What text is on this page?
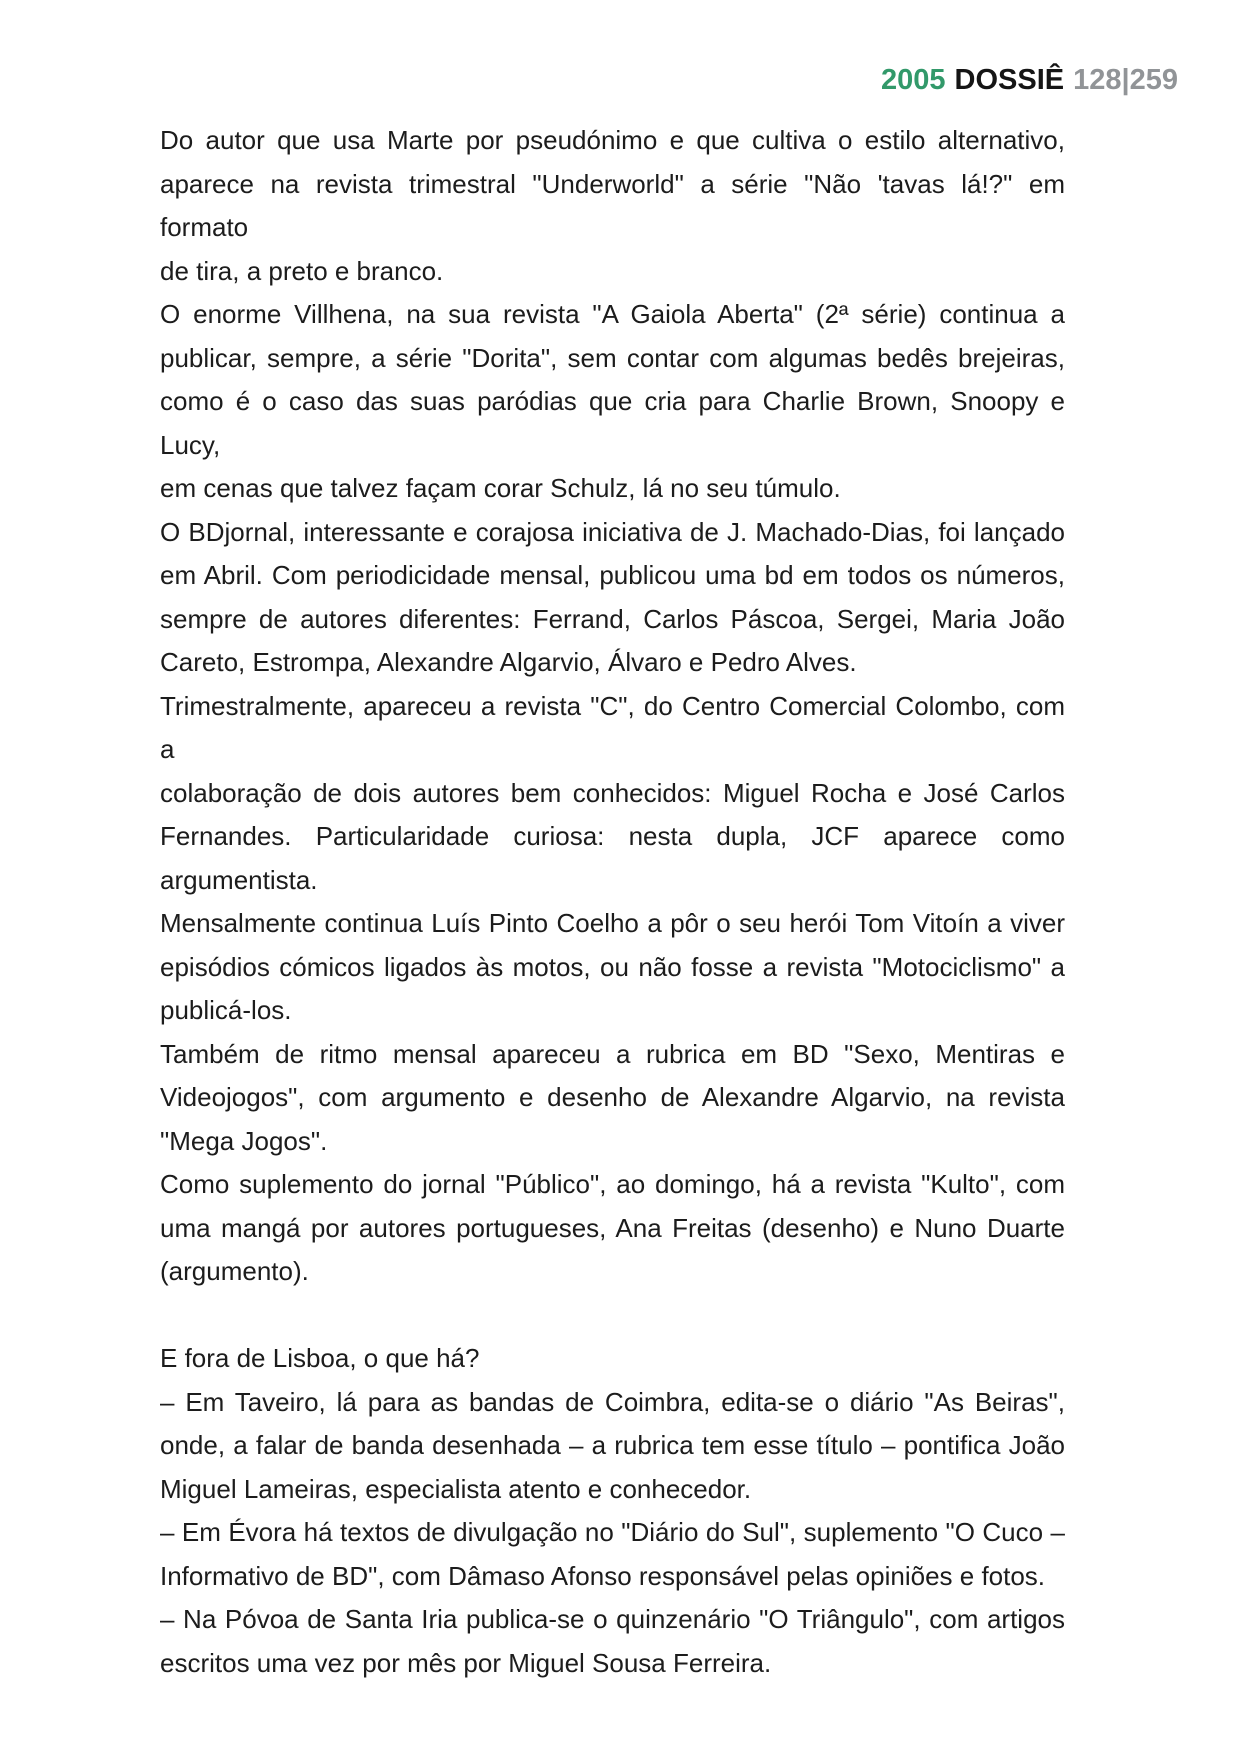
2005 DOSSIÊ 128|259
Do autor que usa Marte por pseudónimo e que cultiva o estilo alternativo,
aparece na revista trimestral "Underworld" a série "Não 'tavas lá!?" em formato
de tira, a preto e branco.
O enorme Villhena, na sua revista "A Gaiola Aberta" (2ª série) continua a
publicar, sempre, a série "Dorita", sem contar com algumas bedês brejeiras,
como é o caso das suas paródias que cria para Charlie Brown, Snoopy e Lucy,
em cenas que talvez façam corar Schulz, lá no seu túmulo.
O BDjornal, interessante e corajosa iniciativa de J. Machado-Dias, foi lançado
em Abril. Com periodicidade mensal, publicou uma bd em todos os números,
sempre de autores diferentes: Ferrand, Carlos Páscoa, Sergei, Maria João
Careto, Estrompa, Alexandre Algarvio, Álvaro e Pedro Alves.
Trimestralmente, apareceu a revista "C", do Centro Comercial Colombo, com a
colaboração de dois autores bem conhecidos: Miguel Rocha e José Carlos
Fernandes. Particularidade curiosa: nesta dupla, JCF aparece como
argumentista.
Mensalmente continua Luís Pinto Coelho a pôr o seu herói Tom Vitoín a viver
episódios cómicos ligados às motos, ou não fosse a revista "Motociclismo" a
publicá-los.
Também de ritmo mensal apareceu a rubrica em BD "Sexo, Mentiras e
Videojogos", com argumento e desenho de Alexandre Algarvio, na revista
"Mega Jogos".
Como suplemento do jornal "Público", ao domingo, há a revista "Kulto", com
uma mangá por autores portugueses, Ana Freitas (desenho) e Nuno Duarte
(argumento).
E fora de Lisboa, o que há?
– Em Taveiro, lá para as bandas de Coimbra, edita-se o diário "As Beiras",
onde, a falar de banda desenhada – a rubrica tem esse título – pontifica João
Miguel Lameiras, especialista atento e conhecedor.
– Em Évora há textos de divulgação no "Diário do Sul", suplemento "O Cuco –
Informativo de BD", com Dâmaso Afonso responsável pelas opiniões e fotos.
– Na Póvoa de Santa Iria publica-se o quinzenário "O Triângulo", com artigos
escritos uma vez por mês por Miguel Sousa Ferreira.
